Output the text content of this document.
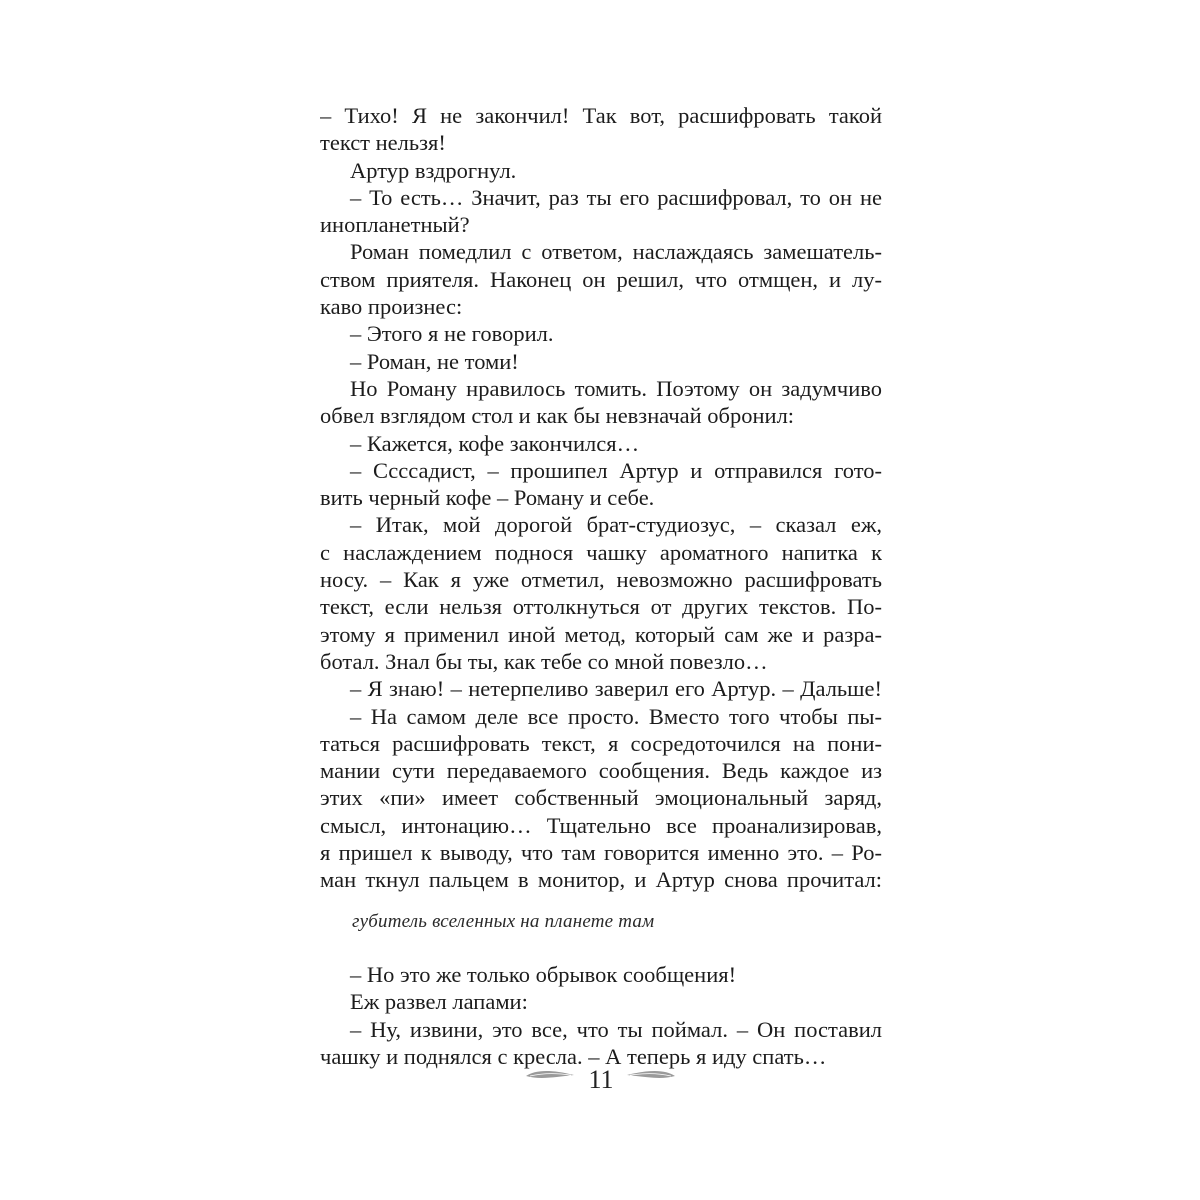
– Тихо! Я не закончил! Так вот, расшифровать такой
текст нельзя!
Артур вздрогнул.
– То есть… Значит, раз ты его расшифровал, то он не
инопланетный?
Роман помедлил с ответом, наслаждаясь замешатель-
ством приятеля. Наконец он решил, что отмщен, и лу-
каво произнес:
– Этого я не говорил.
– Роман, не томи!
Но Роману нравилось томить. Поэтому он задумчиво
обвел взглядом стол и как бы невзначай обронил:
– Кажется, кофе закончился…
– Ссссадист, – прошипел Артур и отправился гото-
вить черный кофе – Роману и себе.
– Итак, мой дорогой брат-студиозус, – сказал еж,
с наслаждением поднося чашку ароматного напитка к
носу. – Как я уже отметил, невозможно расшифровать
текст, если нельзя оттолкнуться от других текстов. По-
этому я применил иной метод, который сам же и разра-
ботал. Знал бы ты, как тебе со мной повезло…
– Я знаю! – нетерпеливо заверил его Артур. – Дальше!
– На самом деле все просто. Вместо того чтобы пы-
таться расшифровать текст, я сосредоточился на пони-
мании сути передаваемого сообщения. Ведь каждое из
этих «пи» имеет собственный эмоциональный заряд,
смысл, интонацию… Тщательно все проанализировав,
я пришел к выводу, что там говорится именно это. – Ро-
ман ткнул пальцем в монитор, и Артур снова прочитал:
губитель вселенных на планете там
– Но это же только обрывок сообщения!
Еж развел лапами:
– Ну, извини, это все, что ты поймал. – Он поставил
чашку и поднялся с кресла. – А теперь я иду спать…
11
